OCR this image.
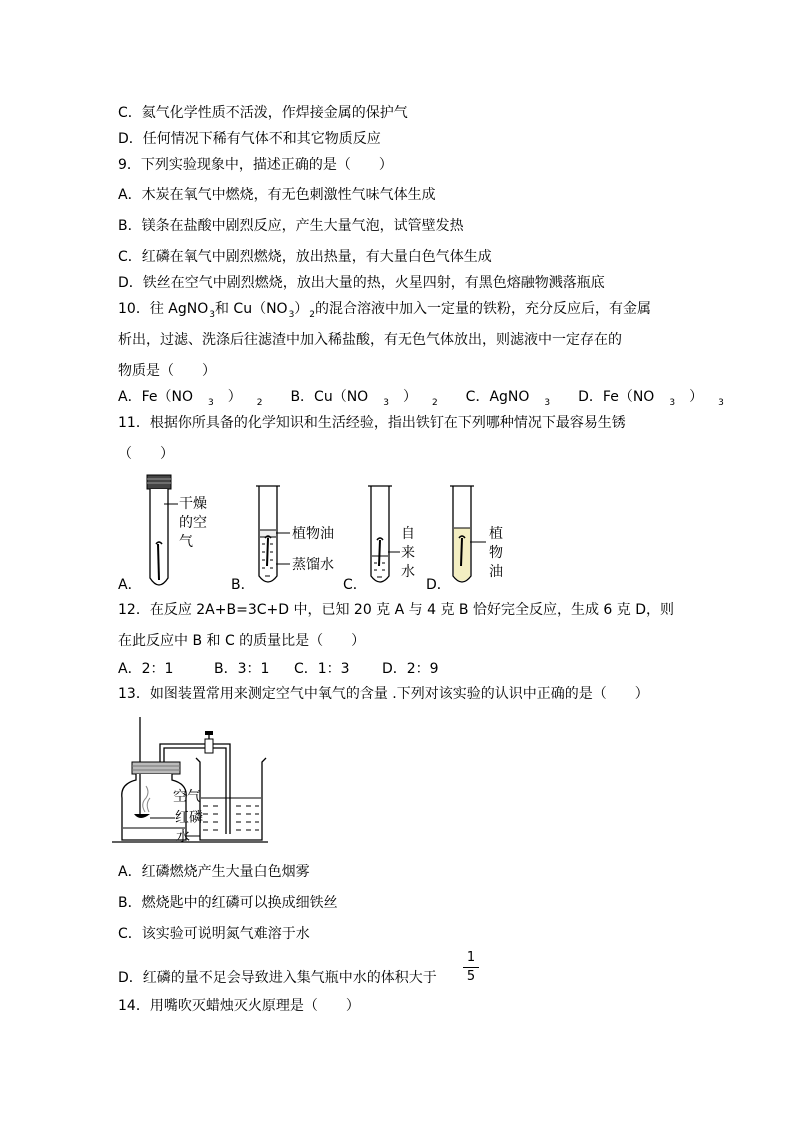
C．氦气化学性质不活泼，作焊接金属的保护气
D．任何情况下稀有气体不和其它物质反应
9．下列实验现象中，描述正确的是（　　）
A．木炭在氧气中燃烧，有无色刺激性气味气体生成
B．镁条在盐酸中剧烈反应，产生大量气泡，试管壁发热
C．红磷在氧气中剧烈燃烧，放出热量，有大量白色气体生成
D．铁丝在空气中剧烈燃烧，放出大量的热，火星四射，有黑色熔融物溅落瓶底
10．往 AgNO$_3$和 $Cu(NO_3)_2$的混合溶液中加入一定量的铁粉，充分反应后，有金属
析出，过滤、洗涤后往滤渣中加入稀盐酸，有无色气体放出，则滤液中一定存在的
物质是（　　）
A．Fe（NO 3 ） 2 B．Cu（NO 3 ） 2 C．AgNO 3 D．Fe（NO 3 ） 3
11．根据你所具备的化学知识和生活经验，指出铁钉在下列哪种情况下最容易生锈
（　　）
干燥
的空
气
A．
植物油
蒸馏水
B．
自
来
水
C．
植
物
油
D．
12．在反应 2A+B=3C+D 中，已知 20 克 A 与 4 克 B 恰好完全反应，生成 6 克 D，则
在此反应中 B 和 C 的质量比是（　　）
A．2：1	B．3：1 C．1：3 D．2：9
13．如图装置常用来测定空气中氧气的含量 .下列对该实验的认识中正确的是（　　）
空气
红磷
水
A．红磷燃烧产生大量白色烟雾
B．燃烧匙中的红磷可以换成细铁丝
C．该实验可说明氮气难溶于水
D．红磷的量不足会导致进入集气瓶中水的体积大于
1
5
14．用嘴吹灭蜡烛灭火原理是（　　）
